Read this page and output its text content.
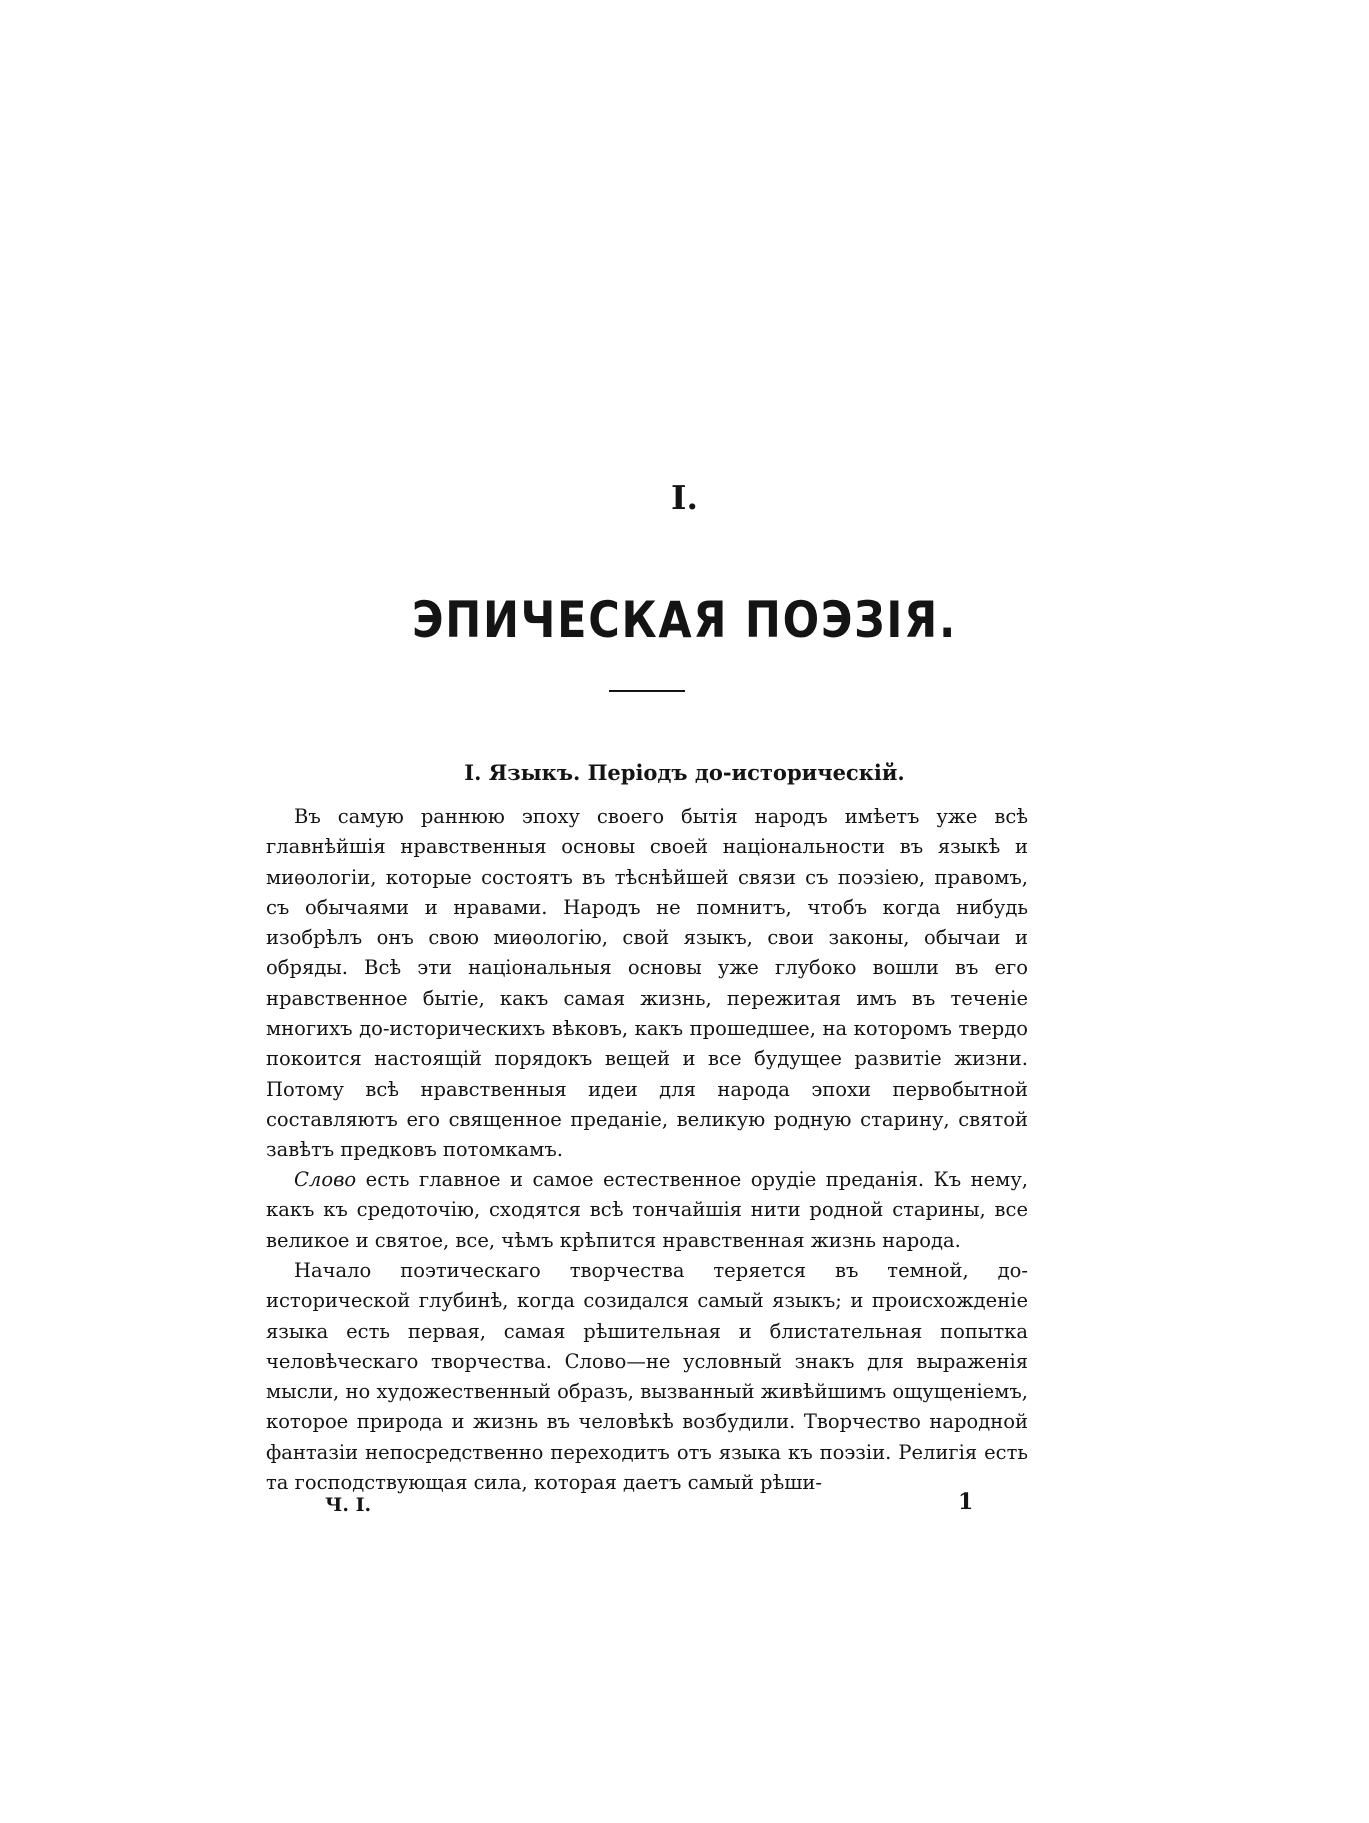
I.
ЭПИЧЕСКАЯ ПОЭЗІЯ.
I. Языкъ. Періодъ до-историческій.

Въ самую раннюю эпоху своего бытія народъ имѣетъ уже всѣ главнѣйшія нравственныя основы своей національности въ языкѣ и миѳологіи, которые состоятъ въ тѣснѣйшей связи съ поэзіею, правомъ, съ обычаями и нравами. Народъ не помнитъ, чтобъ когда нибудь изобрѣлъ онъ свою миѳологію, свой языкъ, свои законы, обычаи и обряды. Всѣ эти національныя основы уже глубоко вошли въ его нравственное бытіе, какъ самая жизнь, пережитая имъ въ теченіе многихъ до-историческихъ вѣковъ, какъ прошедшее, на которомъ твердо покоится настоящій порядокъ вещей и все будущее развитіе жизни. Потому всѣ нравственныя идеи для народа эпохи первобытной составляютъ его священное преданіе, великую родную старину, святой завѣтъ предковъ потомкамъ.

Слово есть главное и самое естественное орудіе преданія. Къ нему, какъ къ средоточію, сходятся всѣ тончайшія нити родной старины, все великое и святое, все, чѣмъ крѣпится нравственная жизнь народа.

Начало поэтическаго творчества теряется въ темной, до-исторической глубинѣ, когда созидался самый языкъ; и происхожденіе языка есть первая, самая рѣшительная и блистательная попытка человѣческаго творчества. Слово—не условный знакъ для выраженія мысли, но художественный образъ, вызванный живѣйшимъ ощущеніемъ, которое природа и жизнь въ человѣкѣ возбудили. Творчество народной фантазіи непосредственно переходитъ отъ языка къ поэзіи. Религія есть та господствующая сила, которая даетъ самый рѣши-

Ч. I.	1
